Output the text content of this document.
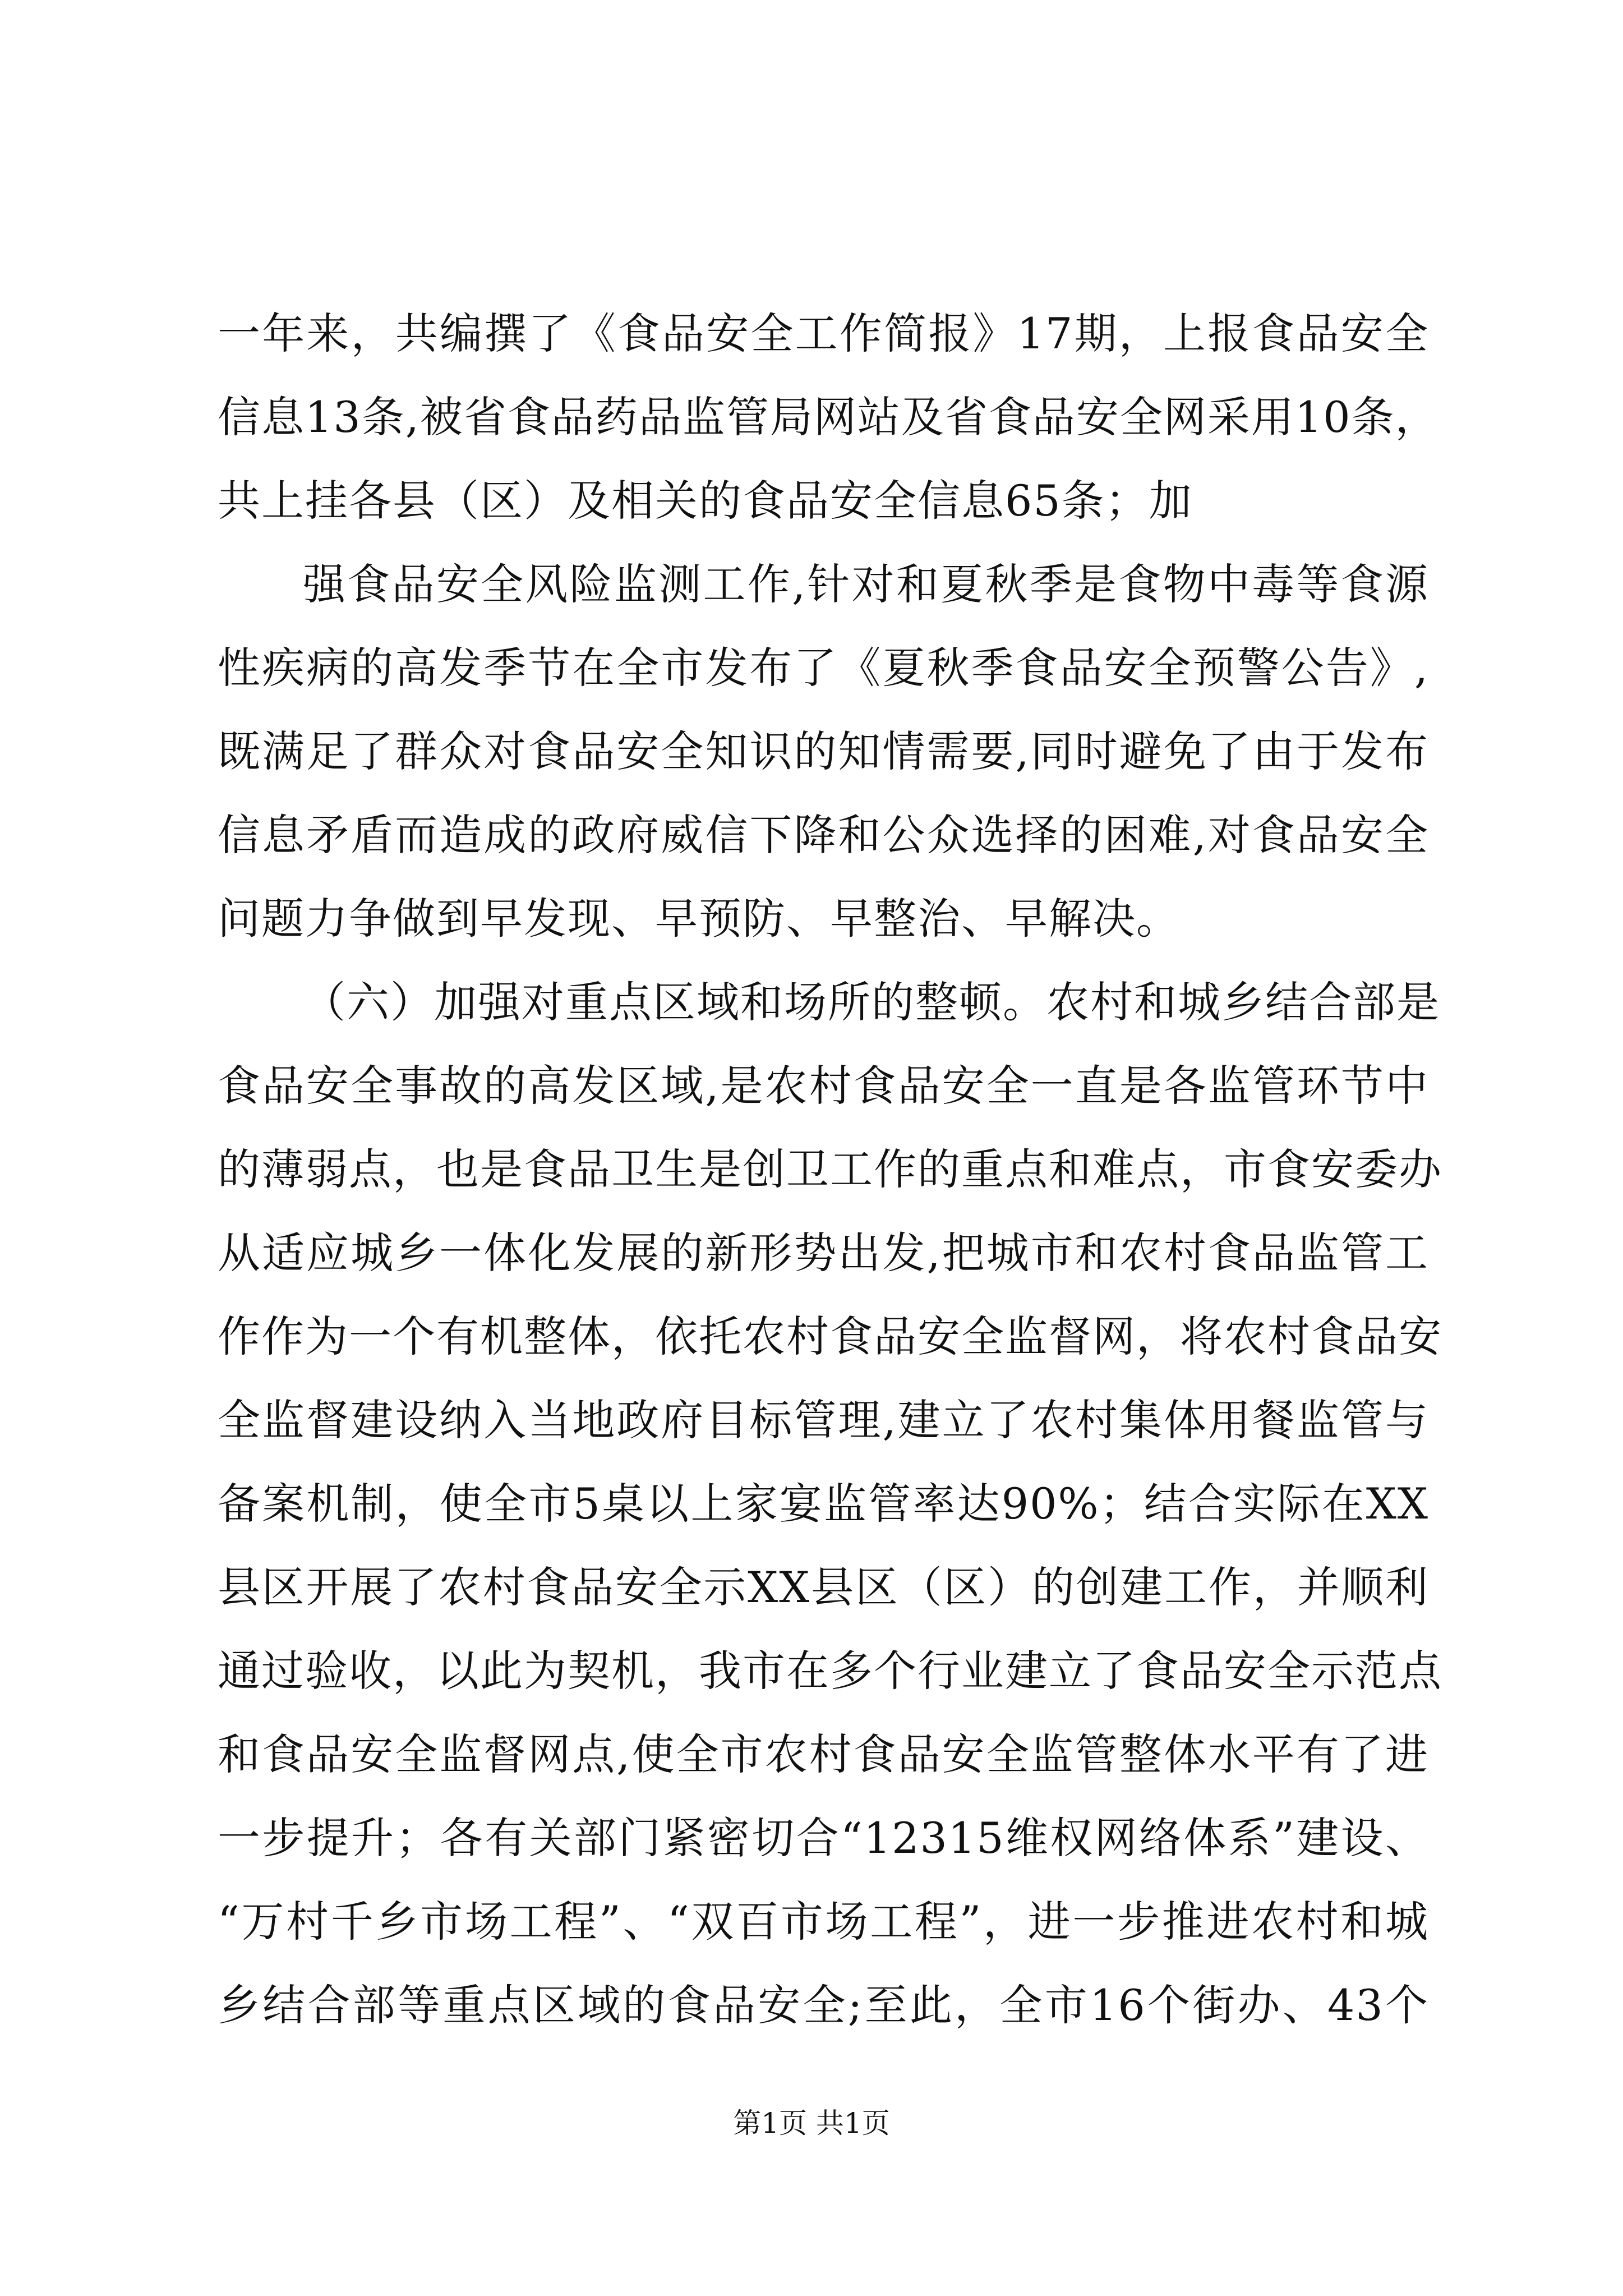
一年来，共编撰了《食品安全工作简报》17期，上报食品安全
信息13条,被省食品药品监管局网站及省食品安全网采用10条，
共上挂各县（区）及相关的食品安全信息65条；加
强食品安全风险监测工作,针对和夏秋季是食物中毒等食源
性疾病的高发季节在全市发布了《夏秋季食品安全预警公告》,
既满足了群众对食品安全知识的知情需要,同时避免了由于发布
信息矛盾而造成的政府威信下降和公众选择的困难,对食品安全
问题力争做到早发现、早预防、早整治、早解决。
（六）加强对重点区域和场所的整顿。农村和城乡结合部是
食品安全事故的高发区域,是农村食品安全一直是各监管环节中
的薄弱点，也是食品卫生是创卫工作的重点和难点，市食安委办
从适应城乡一体化发展的新形势出发,把城市和农村食品监管工
作作为一个有机整体，依托农村食品安全监督网，将农村食品安
全监督建设纳入当地政府目标管理,建立了农村集体用餐监管与
备案机制，使全市5桌以上家宴监管率达90%；结合实际在XX
县区开展了农村食品安全示XX县区（区）的创建工作，并顺利
通过验收，以此为契机，我市在多个行业建立了食品安全示范点
和食品安全监督网点,使全市农村食品安全监管整体水平有了进
一步提升；各有关部门紧密切合“12315维权网络体系”建设、
“万村千乡市场工程”、“双百市场工程”，进一步推进农村和城
乡结合部等重点区域的食品安全;至此，全市16个街办、43个
第1页 共1页
